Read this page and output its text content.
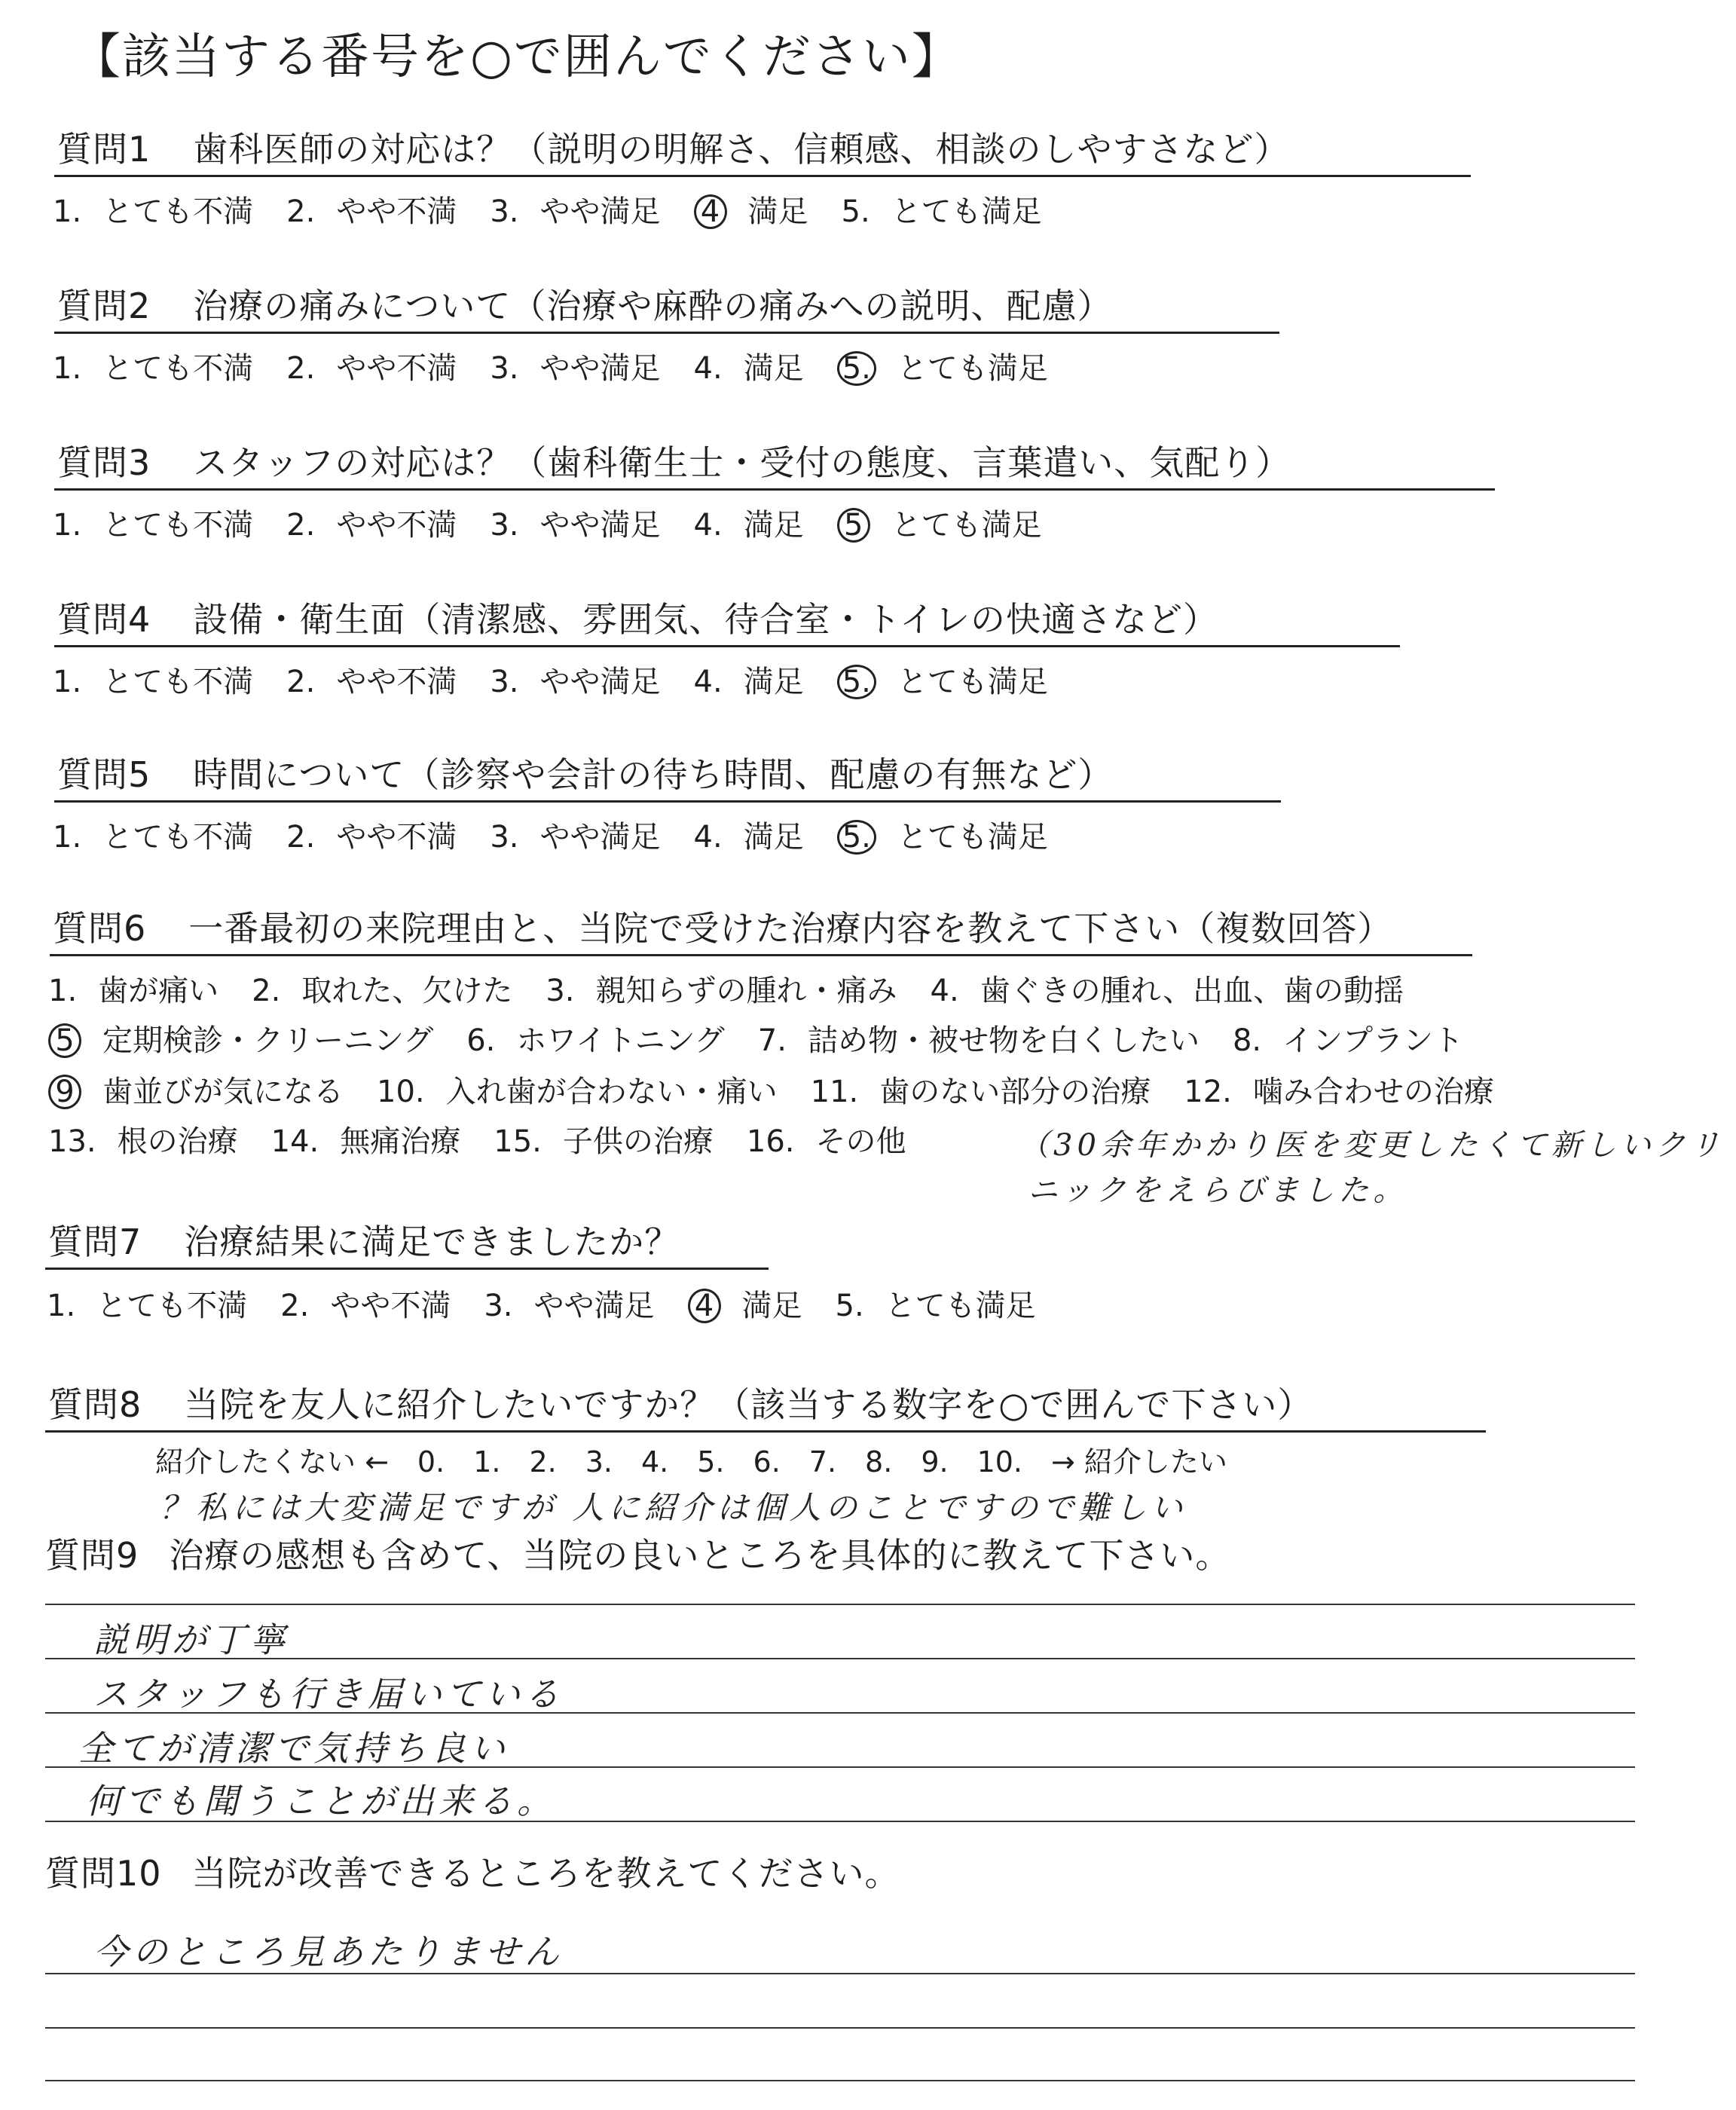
【該当する番号を○で囲んでください】
質問1 歯科医師の対応は？（説明の明解さ、信頼感、相談のしやすさなど）
1. とても不満 2. やや不満 3. やや満足 4 満足 5. とても満足
質問2 治療の痛みについて（治療や麻酔の痛みへの説明、配慮）
1. とても不満 2. やや不満 3. やや満足 4. 満足 5. とても満足
質問3 スタッフの対応は？（歯科衛生士・受付の態度、言葉遣い、気配り）
1. とても不満 2. やや不満 3. やや満足 4. 満足 5 とても満足
質問4 設備・衛生面（清潔感、雰囲気、待合室・トイレの快適さなど）
1. とても不満 2. やや不満 3. やや満足 4. 満足 5. とても満足
質問5 時間について（診察や会計の待ち時間、配慮の有無など）
1. とても不満 2. やや不満 3. やや満足 4. 満足 5. とても満足
質問6 一番最初の来院理由と、当院で受けた治療内容を教えて下さい（複数回答）
1. 歯が痛い 2. 取れた、欠けた 3. 親知らずの腫れ・痛み 4. 歯ぐきの腫れ、出血、歯の動揺
5 定期検診・クリーニング 6. ホワイトニング 7. 詰め物・被せ物を白くしたい 8. インプラント
9 歯並びが気になる 10. 入れ歯が合わない・痛い 11. 歯のない部分の治療 12. 噛み合わせの治療
13. 根の治療 14. 無痛治療 15. 子供の治療 16. その他	（30余年かかり医を変更したくて新しいクリ
ニックをえらびました。
質問7 治療結果に満足できましたか？
1. とても不満 2. やや不満 3. やや満足 4 満足 5. とても満足
質問8 当院を友人に紹介したいですか？（該当する数字を○で囲んで下さい）
紹介したくない ← 0. 1. 2. 3. 4. 5. 6. 7. 8. 9. 10. → 紹介したい
？私には大変満足ですが 人に紹介は個人のことですので難しい
質問9 治療の感想も含めて、当院の良いところを具体的に教えて下さい。
説明が丁寧
スタッフも行き届いている
全てが清潔で気持ち良い
何でも聞うことが出来る。
質問10 当院が改善できるところを教えてください。
今のところ見あたりません
